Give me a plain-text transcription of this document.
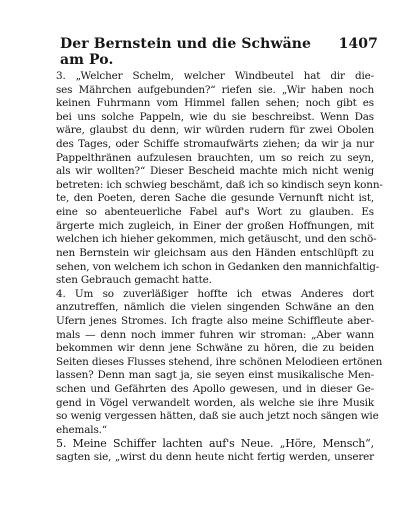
Der Bernstein und die Schwäne am Po.
1407
3. „Welcher Schelm, welcher Windbeutel hat dir die-
ses Mährchen aufgebunden?“ riefen sie. „Wir haben noch
keinen Fuhrmann vom Himmel fallen sehen; noch gibt es
bei uns solche Pappeln, wie du sie beschreibst. Wenn Das
wäre, glaubst du denn, wir würden rudern für zwei Obolen
des Tages, oder Schiffe stromaufwärts ziehen; da wir ja nur
Pappelthränen aufzulesen brauchten, um so reich zu seyn,
als wir wollten?“ Dieser Bescheid machte mich nicht wenig
betreten: ich schwieg beschämt, daß ich so kindisch seyn konn-
te, den Poeten, deren Sache die gesunde Vernunft nicht ist,
eine so abenteuerliche Fabel auf's Wort zu glauben. Es
ärgerte mich zugleich, in Einer der großen Hoffnungen, mit
welchen ich hieher gekommen, mich getäuscht, und den schö-
nen Bernstein wir gleichsam aus den Händen entschlüpft zu
sehen, von welchem ich schon in Gedanken den mannichfaltig-
sten Gebrauch gemacht hatte.
4. Um so zuverläßiger hoffte ich etwas Anderes dort
anzutreffen, nämlich die vielen singenden Schwäne an den
Ufern jenes Stromes. Ich fragte also meine Schiffleute aber-
mals — denn noch immer fuhren wir stroman: „Aber wann
bekommen wir denn jene Schwäne zu hören, die zu beiden
Seiten dieses Flusses stehend, ihre schönen Melodieen ertönen
lassen? Denn man sagt ja, sie seyen einst musikalische Men-
schen und Gefährten des Apollo gewesen, und in dieser Ge-
gend in Vögel verwandelt worden, als welche sie ihre Musik
so wenig vergessen hätten, daß sie auch jetzt noch sängen wie
ehemals.“
5. Meine Schiffer lachten auf's Neue. „Höre, Mensch“,
sagten sie, „wirst du denn heute nicht fertig werden, unserer
